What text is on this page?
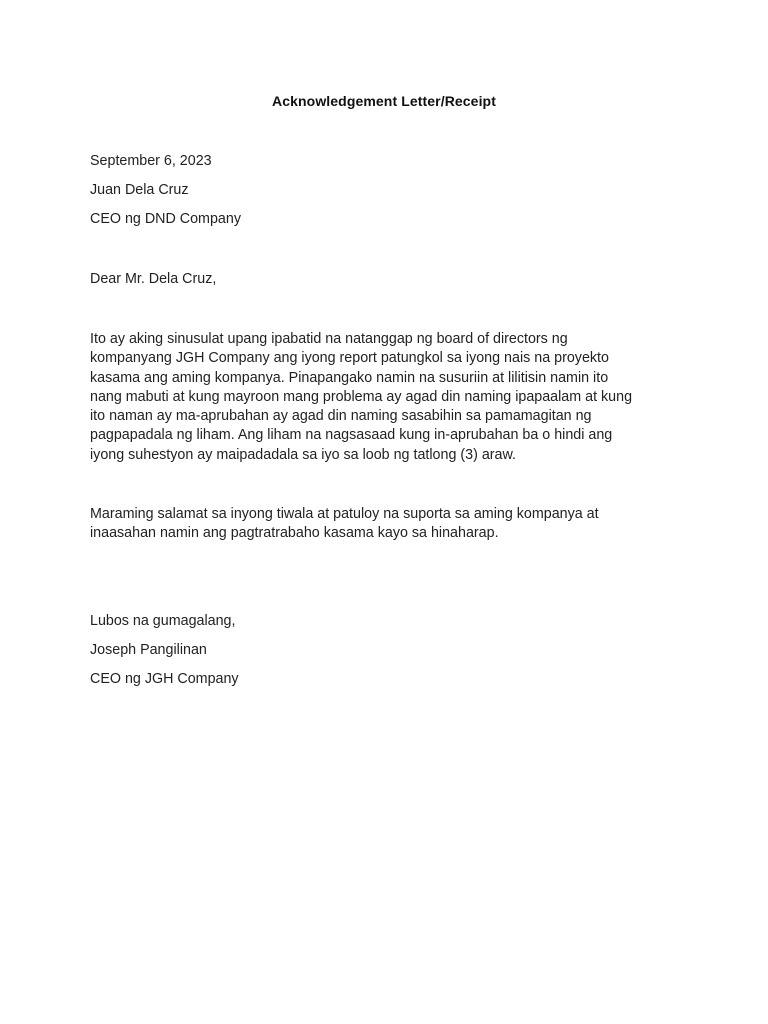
Acknowledgement Letter/Receipt
September 6, 2023
Juan Dela Cruz
CEO ng DND Company
Dear Mr. Dela Cruz,
Ito ay aking sinusulat upang ipabatid na natanggap ng board of directors ng
kompanyang JGH Company ang iyong report patungkol sa iyong nais na proyekto
kasama ang aming kompanya. Pinapangako namin na susuriin at lilitisin namin ito
nang mabuti at kung mayroon mang problema ay agad din naming ipapaalam at kung
ito naman ay ma-aprubahan ay agad din naming sasabihin sa pamamagitan ng
pagpapadala ng liham. Ang liham na nagsasaad kung in-aprubahan ba o hindi ang
iyong suhestyon ay maipadadala sa iyo sa loob ng tatlong (3) araw.
Maraming salamat sa inyong tiwala at patuloy na suporta sa aming kompanya at
inaasahan namin ang pagtratrabaho kasama kayo sa hinaharap.
Lubos na gumagalang,
Joseph Pangilinan
CEO ng JGH Company
